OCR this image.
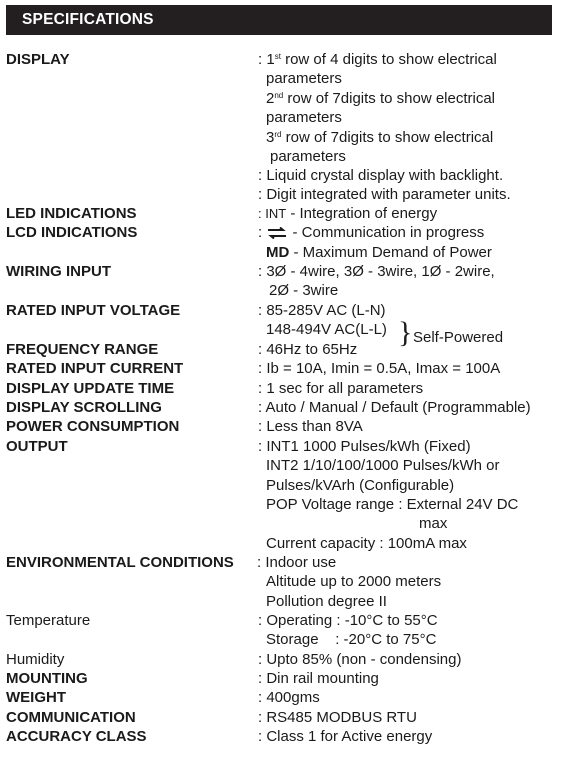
SPECIFICATIONS
DISPLAY	: 1st row of 4 digits to show electrical
parameters
2nd row of 7digits to show electrical
parameters
3rd row of 7digits to show electrical
parameters
: Liquid crystal display with backlight.
: Digit integrated with parameter units.
LED INDICATIONS	: INT - Integration of energy
LCD INDICATIONS	:  - Communication in progress
MD - Maximum Demand of Power
WIRING INPUT	: 3Ø - 4wire, 3Ø - 3wire, 1Ø - 2wire,
2Ø - 3wire
RATED INPUT VOLTAGE	: 85-285V AC (L-N)
148-494V AC(L-L) } Self-Powered
FREQUENCY RANGE	: 46Hz to 65Hz
RATED INPUT CURRENT	: Ib = 10A, Imin = 0.5A, Imax = 100A
DISPLAY UPDATE TIME	: 1 sec for all parameters
DISPLAY SCROLLING	: Auto / Manual / Default (Programmable)
POWER CONSUMPTION	: Less than 8VA
OUTPUT	: INT1 1000 Pulses/kWh (Fixed)
INT2 1/10/100/1000 Pulses/kWh or
Pulses/kVArh (Configurable)
POP Voltage range : External 24V DC
max
Current capacity : 100mA max
ENVIRONMENTAL CONDITIONS : Indoor use
Altitude up to 2000 meters
Pollution degree II
Temperature	: Operating : -10°C to 55°C
Storage    : -20°C to 75°C
Humidity	: Upto 85% (non - condensing)
MOUNTING	: Din rail mounting
WEIGHT	: 400gms
COMMUNICATION	: RS485 MODBUS RTU
ACCURACY CLASS	: Class 1 for Active energy
